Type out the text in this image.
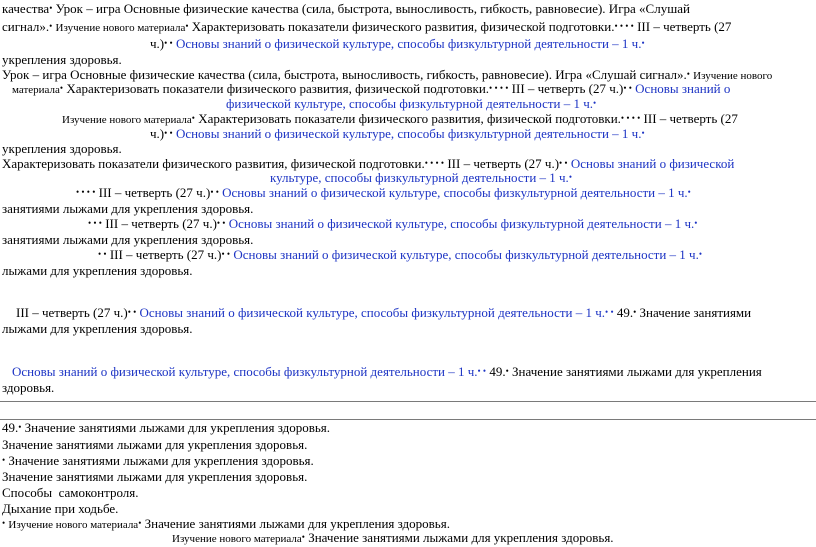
качества• Урок – игра Основные физические качества (сила, быстрота, выносливость, гибкость, равновесие). Игра «Слушай
сигнал».• Изучение нового материала• Характеризовать показатели физического развития, физической подготовки.• • • • III – четверть (27
ч.)• • Основы знаний о физической культуре, способы физкультурной деятельности – 1 ч.•
укрепления здоровья.
Урок – игра Основные физические качества (сила, быстрота, выносливость, гибкость, равновесие). Игра «Слушай сигнал».• Изучение нового
материала• Характеризовать показатели физического развития, физической подготовки.• • • • III – четверть (27 ч.)• • Основы знаний о
физической культуре, способы физкультурной деятельности – 1 ч.•
Изучение нового материала• Характеризовать показатели физического развития, физической подготовки.• • • • III – четверть (27
ч.)• • Основы знаний о физической культуре, способы физкультурной деятельности – 1 ч.•
укрепления здоровья.
Характеризовать показатели физического развития, физической подготовки.• • • • III – четверть (27 ч.)• • Основы знаний о физической
культуре, способы физкультурной деятельности – 1 ч.•
• • • • III – четверть (27 ч.)• • Основы знаний о физической культуре, способы физкультурной деятельности – 1 ч.•
занятиями лыжами для укрепления здоровья.
• • • III – четверть (27 ч.)• • Основы знаний о физической культуре, способы физкультурной деятельности – 1 ч.•
занятиями лыжами для укрепления здоровья.
• • III – четверть (27 ч.)• • Основы знаний о физической культуре, способы физкультурной деятельности – 1 ч.•
лыжами для укрепления здоровья.
III – четверть (27 ч.)• • Основы знаний о физической культуре, способы физкультурной деятельности – 1 ч.• • 49.• Значение занятиями
лыжами для укрепления здоровья.
Основы знаний о физической культуре, способы физкультурной деятельности – 1 ч.• • 49.• Значение занятиями лыжами для укрепления
здоровья.
49.• Значение занятиями лыжами для укрепления здоровья.
Значение занятиями лыжами для укрепления здоровья.
• Значение занятиями лыжами для укрепления здоровья.
Значение занятиями лыжами для укрепления здоровья.
Способы  самоконтроля.
Дыхание при ходьбе.
• Изучение нового материала• Значение занятиями лыжами для укрепления здоровья.
Изучение нового материала• Значение занятиями лыжами для укрепления здоровья.
